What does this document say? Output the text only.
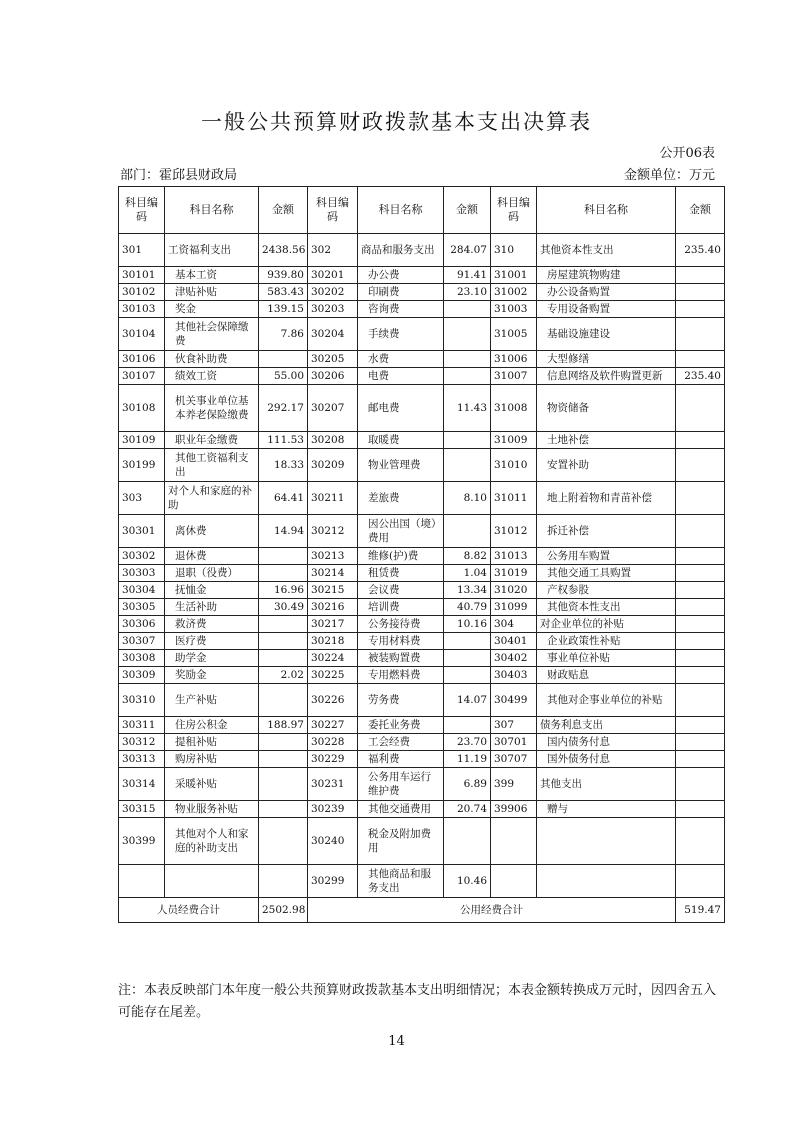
一般公共预算财政拨款基本支出决算表
公开06表
部门：霍邱县财政局	金额单位：万元
科目编码	科目名称	金额	科目编码	科目名称	金额	科目编码	科目名称	金额
301	工资福利支出	2438.56	302	商品和服务支出	284.07	310	其他资本性支出	235.40
30101	基本工资	939.80	30201	办公费	91.41	31001	房屋建筑物购建	
30102	津贴补贴	583.43	30202	印刷费	23.10	31002	办公设备购置	
30103	奖金	139.15	30203	咨询费		31003	专用设备购置	
30104	其他社会保障缴费	7.86	30204	手续费		31005	基础设施建设	
30106	伙食补助费		30205	水费		31006	大型修缮	
30107	绩效工资	55.00	30206	电费		31007	信息网络及软件购置更新	235.40
30108	机关事业单位基本养老保险缴费	292.17	30207	邮电费	11.43	31008	物资储备	
30109	职业年金缴费	111.53	30208	取暖费		31009	土地补偿	
30199	其他工资福利支出	18.33	30209	物业管理费		31010	安置补助	
303	对个人和家庭的补助	64.41	30211	差旅费	8.10	31011	地上附着物和青苗补偿	
30301	离休费	14.94	30212	因公出国（境）费用		31012	拆迁补偿	
30302	退休费		30213	维修(护)费	8.82	31013	公务用车购置	
30303	退职（役费）		30214	租赁费	1.04	31019	其他交通工具购置	
30304	抚恤金	16.96	30215	会议费	13.34	31020	产权参股	
30305	生活补助	30.49	30216	培训费	40.79	31099	其他资本性支出	
30306	救济费		30217	公务接待费	10.16	304	对企业单位的补贴	
30307	医疗费		30218	专用材料费		30401	企业政策性补贴	
30308	助学金		30224	被装购置费		30402	事业单位补贴	
30309	奖励金	2.02	30225	专用燃料费		30403	财政贴息	
30310	生产补贴		30226	劳务费	14.07	30499	其他对企事业单位的补贴	
30311	住房公积金	188.97	30227	委托业务费		307	债务利息支出	
30312	提租补贴		30228	工会经费	23.70	30701	国内债务付息	
30313	购房补贴		30229	福利费	11.19	30707	国外债务付息	
30314	采暖补贴		30231	公务用车运行维护费	6.89	399	其他支出	
30315	物业服务补贴		30239	其他交通费用	20.74	39906	赠与	
30399	其他对个人和家庭的补助支出		30240	税金及附加费用				
			30299	其他商品和服务支出	10.46			
人员经费合计		2502.98	公用经费合计					519.47
注：本表反映部门本年度一般公共预算财政拨款基本支出明细情况；本表金额转换成万元时，因四舍五入可能存在尾差。
14
